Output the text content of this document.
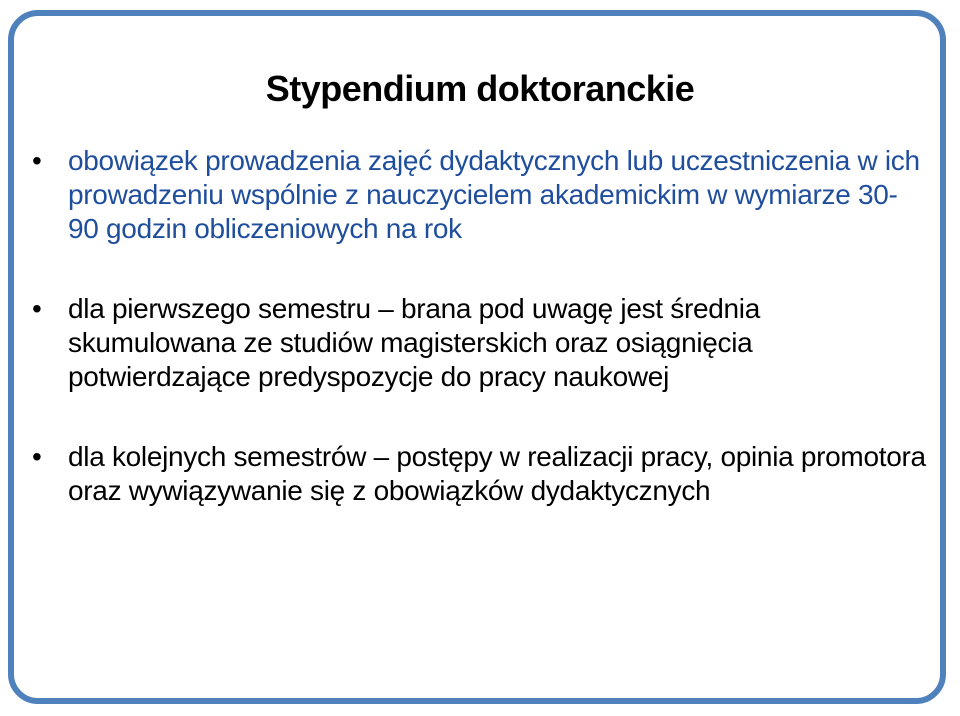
Stypendium doktoranckie
• obowiązek prowadzenia zajęć dydaktycznych lub uczestniczenia w ich prowadzeniu wspólnie z nauczycielem akademickim w wymiarze 30-90 godzin obliczeniowych na rok
• dla pierwszego semestru – brana pod uwagę jest średnia skumulowana ze studiów magisterskich oraz osiągnięcia potwierdzające predyspozycje do pracy naukowej
• dla kolejnych semestrów – postępy w realizacji pracy, opinia promotora oraz wywiązywanie się z obowiązków dydaktycznych
